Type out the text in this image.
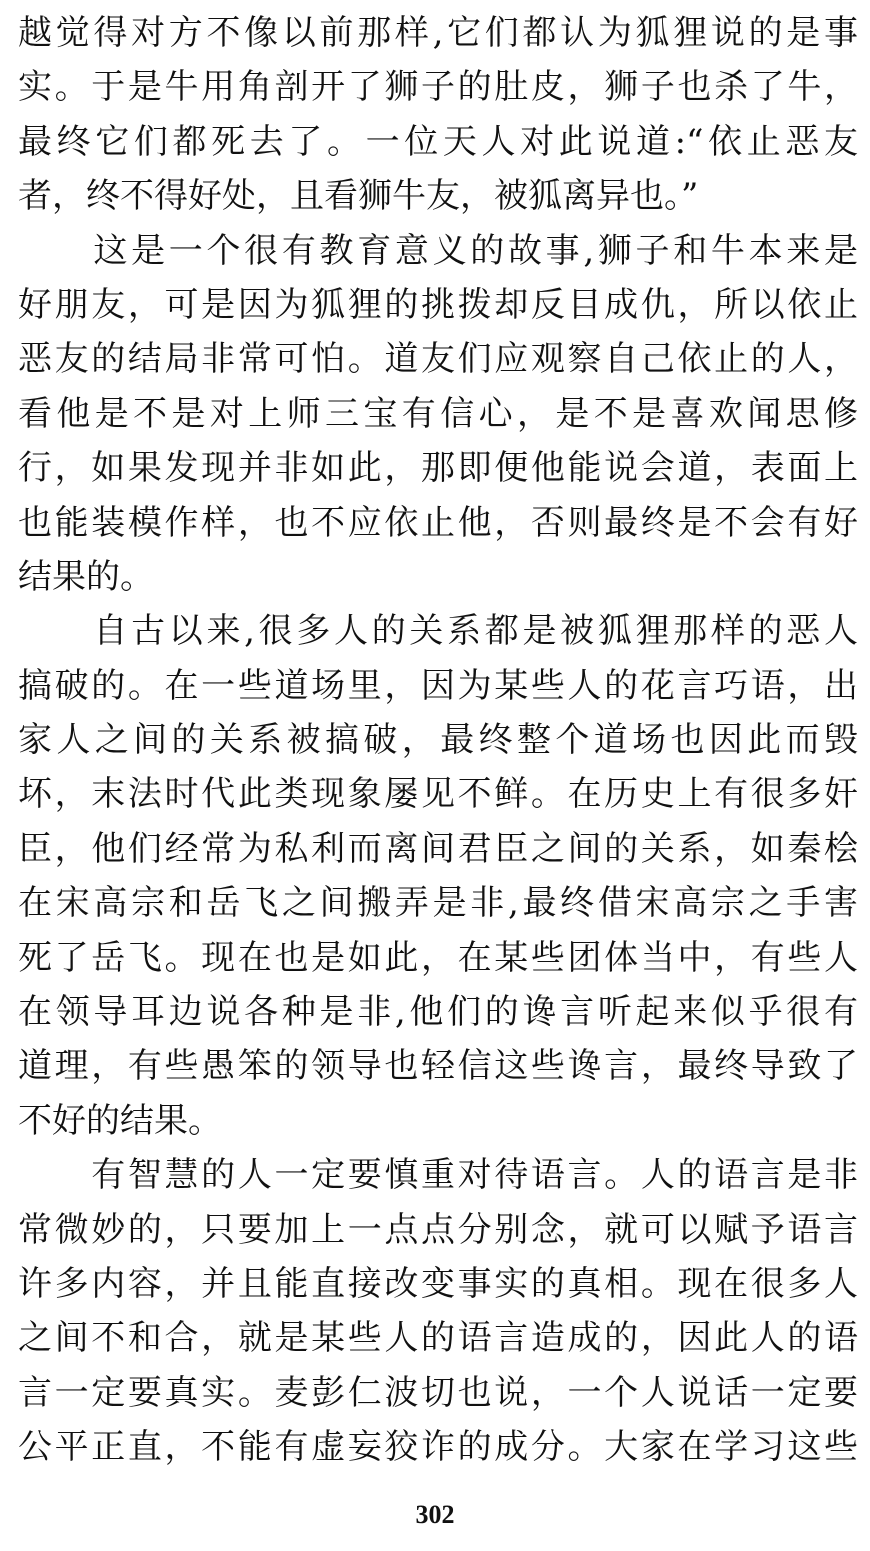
越觉得对方不像以前那样,它们都认为狐狸说的是事
实。于是牛用角剖开了狮子的肚皮，狮子也杀了牛，
最终它们都死去了。一位天人对此说道:“依止恶友
者，终不得好处，且看狮牛友，被狐离异也。”
　　这是一个很有教育意义的故事,狮子和牛本来是
好朋友，可是因为狐狸的挑拨却反目成仇，所以依止
恶友的结局非常可怕。道友们应观察自己依止的人，
看他是不是对上师三宝有信心，是不是喜欢闻思修
行，如果发现并非如此，那即便他能说会道，表面上
也能装模作样，也不应依止他，否则最终是不会有好
结果的。
　　自古以来,很多人的关系都是被狐狸那样的恶人
搞破的。在一些道场里，因为某些人的花言巧语，出
家人之间的关系被搞破，最终整个道场也因此而毁
坏，末法时代此类现象屡见不鲜。在历史上有很多奸
臣，他们经常为私利而离间君臣之间的关系，如秦桧
在宋高宗和岳飞之间搬弄是非,最终借宋高宗之手害
死了岳飞。现在也是如此，在某些团体当中，有些人
在领导耳边说各种是非,他们的谗言听起来似乎很有
道理，有些愚笨的领导也轻信这些谗言，最终导致了
不好的结果。
　　有智慧的人一定要慎重对待语言。人的语言是非
常微妙的，只要加上一点点分别念，就可以赋予语言
许多内容，并且能直接改变事实的真相。现在很多人
之间不和合，就是某些人的语言造成的，因此人的语
言一定要真实。麦彭仁波切也说，一个人说话一定要
公平正直，不能有虚妄狡诈的成分。大家在学习这些
302
